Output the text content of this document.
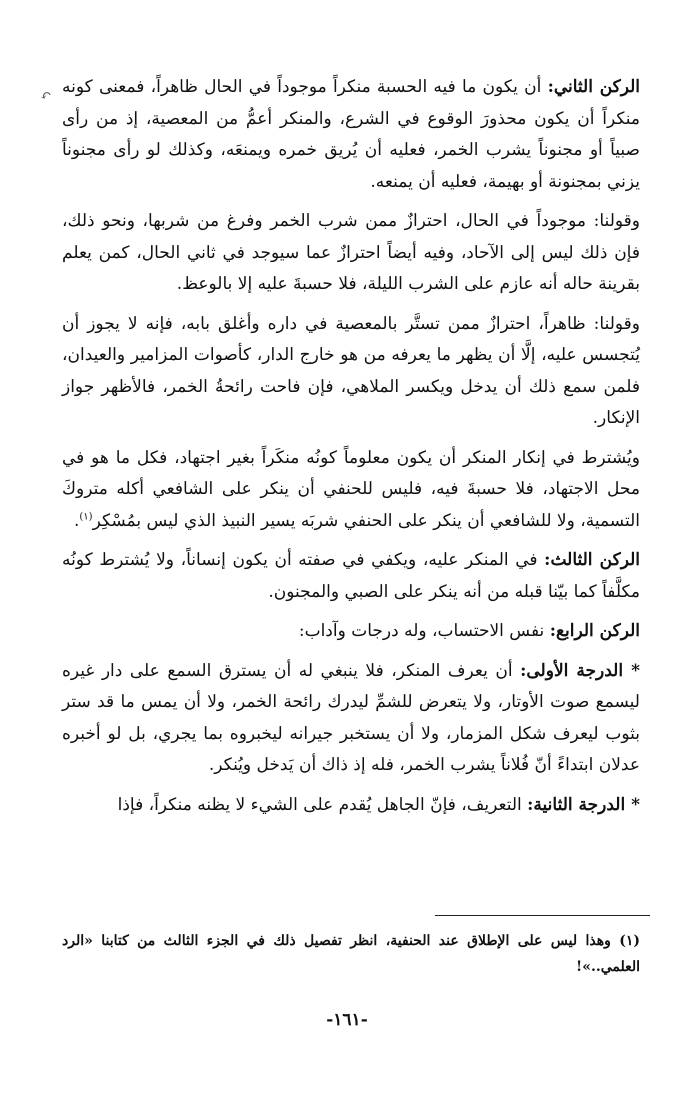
↶	الركن الثاني: أن يكون ما فيه الحسبة منكراً موجوداً في الحال ظاهراً، فمعنى كونه منكراً أن يكون محذورَ الوقوع في الشرع، والمنكر أعمُّ من المعصية، إذ من رأى صبياً أو مجنوناً يشرب الخمر، فعليه أن يُريق خمره ويمنعَه، وكذلك لو رأى مجنوناً يزني بمجنونة أو بهيمة، فعليه أن يمنعه.

وقولنا: موجوداً في الحال، احترازٌ ممن شرب الخمر وفرغ من شربها، ونحو ذلك، فإن ذلك ليس إلى الآحاد، وفيه أيضاً احترازٌ عما سيوجد في ثاني الحال، كمن يعلم بقرينة حاله أنه عازم على الشرب الليلة، فلا حسبةَ عليه إلا بالوعظ.

وقولنا: ظاهراً، احترازٌ ممن تستَّر بالمعصية في داره وأغلق بابه، فإنه لا يجوز أن يُتجسس عليه، إلَّا أن يظهر ما يعرفه من هو خارج الدار، كأصوات المزامير والعيدان، فلمن سمع ذلك أن يدخل ويكسر الملاهي، فإن فاحت رائحةُ الخمر، فالأظهر جواز الإنكار.

ويُشترط في إنكار المنكر أن يكون معلوماً كونُه منكَراً بغير اجتهاد، فكل ما هو في محل الاجتهاد، فلا حسبةَ فيه، فليس للحنفي أن ينكر على الشافعي أكله متروكَ التسمية، ولا للشافعي أن ينكر على الحنفي شربَه يسير النبيذ الذي ليس بمُسْكِر$^{(١)}$.

الركن الثالث: في المنكر عليه، ويكفي في صفته أن يكون إنساناً، ولا يُشترط كونُه مكلَّفاً كما بيّنا قبله من أنه ينكر على الصبي والمجنون.

الركن الرابع: نفس الاحتساب، وله درجات وآداب:

* الدرجة الأولى: أن يعرف المنكر، فلا ينبغي له أن يسترق السمع على دار غيره ليسمع صوت الأوتار، ولا يتعرض للشمِّ ليدرك رائحة الخمر، ولا أن يمس ما قد ستر بثوب ليعرف شكل المزمار، ولا أن يستخبر جيرانه ليخبروه بما يجري، بل لو أخبره عدلان ابتداءً أنّ فُلاناً يشرب الخمر، فله إذ ذاك أن يَدخل ويُنكر.

* الدرجة الثانية: التعريف، فإنّ الجاهل يُقدم على الشيء لا يظنه منكراً، فإذا

(١) وهذا ليس على الإطلاق عند الحنفية، انظر تفصيل ذلك في الجزء الثالث من كتابنا «الرد العلمي..»!

-١٦١-
